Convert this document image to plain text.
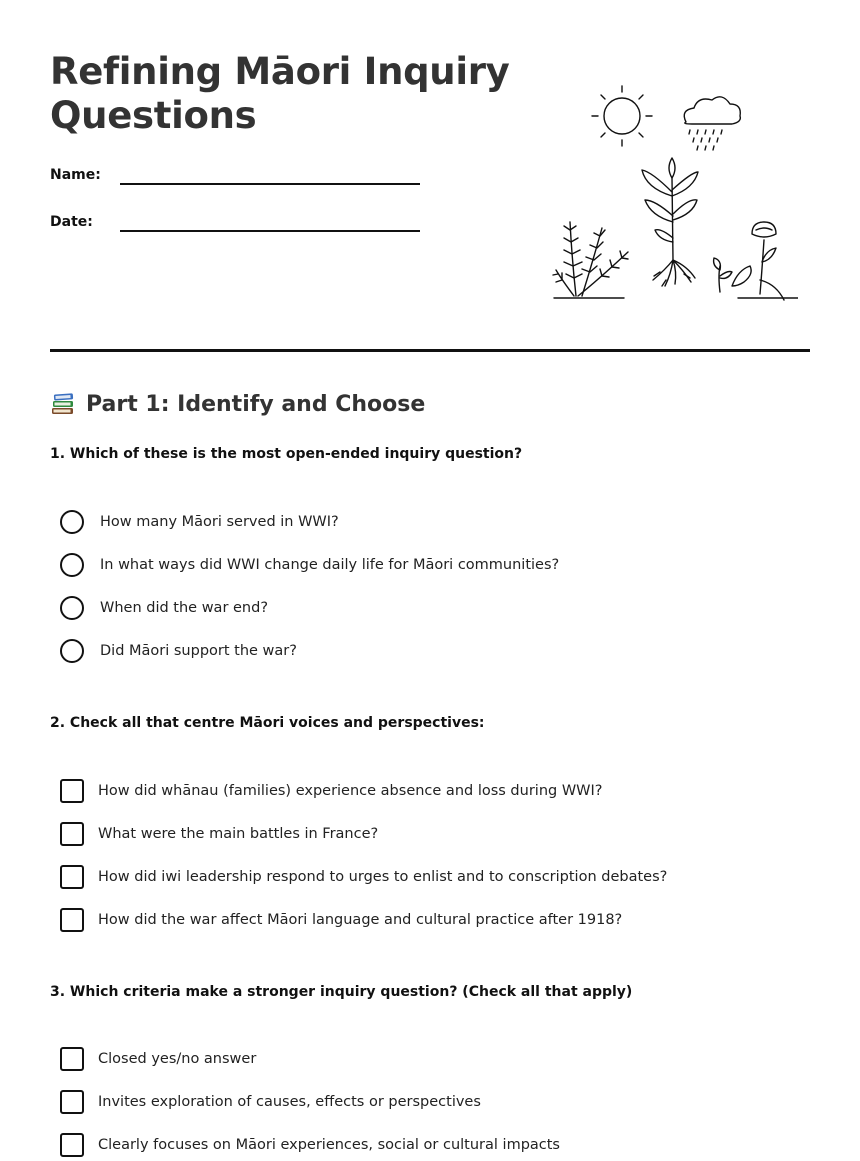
Refining Māori Inquiry Questions
Name:
Date:
Part 1: Identify and Choose
1. Which of these is the most open-ended inquiry question?
How many Māori served in WWI?
In what ways did WWI change daily life for Māori communities?
When did the war end?
Did Māori support the war?
2. Check all that centre Māori voices and perspectives:
How did whānau (families) experience absence and loss during WWI?
What were the main battles in France?
How did iwi leadership respond to urges to enlist and to conscription debates?
How did the war affect Māori language and cultural practice after 1918?
3. Which criteria make a stronger inquiry question? (Check all that apply)
Closed yes/no answer
Invites exploration of causes, effects or perspectives
Clearly focuses on Māori experiences, social or cultural impacts
